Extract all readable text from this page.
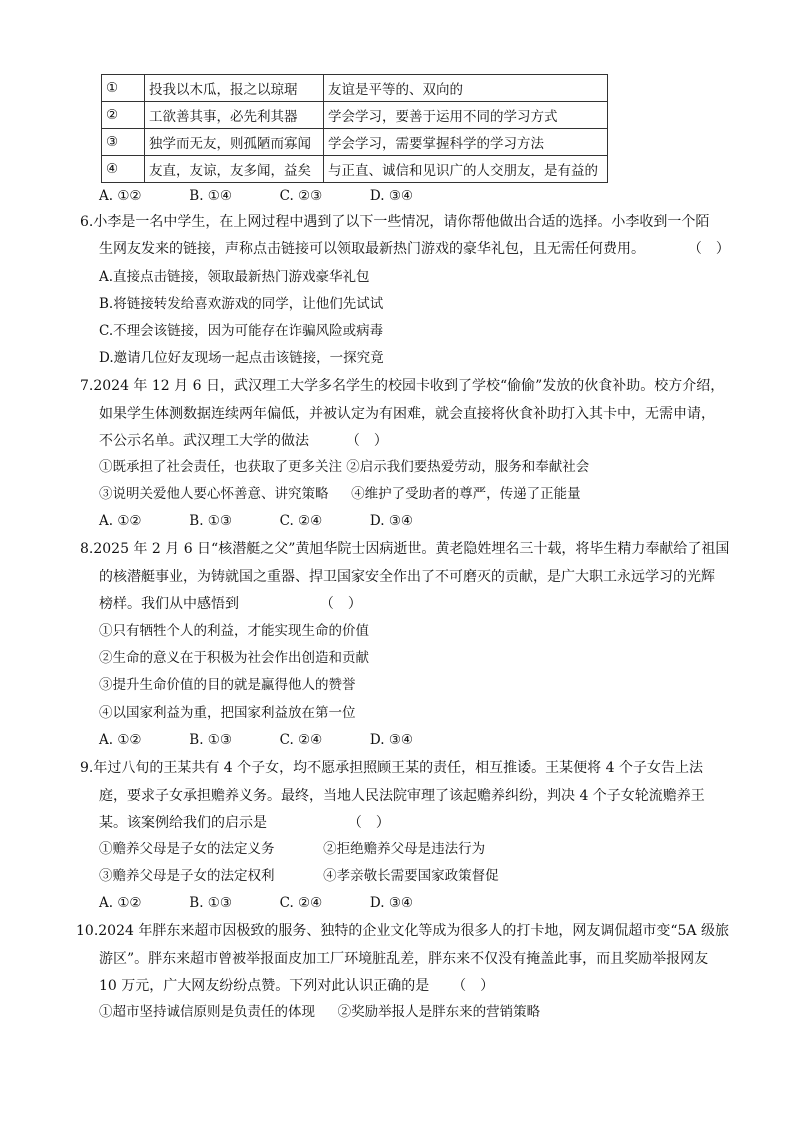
①	投我以木瓜，报之以琼琚	友谊是平等的、双向的
②	工欲善其事，必先利其器	学会学习，要善于运用不同的学习方式
③	独学而无友，则孤陋而寡闻	学会学习，需要掌握科学的学习方法
④	友直，友谅，友多闻，益矣	与正直、诚信和见识广的人交朋友，是有益的
A. ①②	B. ①④	C. ②③	D. ③④
6.小李是一名中学生，在上网过程中遇到了以下一些情况，请你帮他做出合适的选择。小李收到一个陌
生网友发来的链接，声称点击链接可以领取最新热门游戏的豪华礼包，且无需任何费用。	（　）
A.直接点击链接，领取最新热门游戏豪华礼包
B.将链接转发给喜欢游戏的同学，让他们先试试
C.不理会该链接，因为可能存在诈骗风险或病毒
D.邀请几位好友现场一起点击该链接，一探究竟
7.2024 年 12 月 6 日，武汉理工大学多名学生的校园卡收到了学校“偷偷”发放的伙食补助。校方介绍，
如果学生体测数据连续两年偏低，并被认定为有困难，就会直接将伙食补助打入其卡中，无需申请，
不公示名单。武汉理工大学的做法	（　）
①既承担了社会责任，也获取了更多关注 ②启示我们要热爱劳动，服务和奉献社会
③说明关爱他人要心怀善意、讲究策略 ④维护了受助者的尊严，传递了正能量
A. ①②	B. ①③	C. ②④	D. ③④
8.2025 年 2 月 6 日“核潜艇之父”黄旭华院士因病逝世。黄老隐姓埋名三十载，将毕生精力奉献给了祖国
的核潜艇事业，为铸就国之重器、捍卫国家安全作出了不可磨灭的贡献，是广大职工永远学习的光辉
榜样。我们从中感悟到	（　）
①只有牺牲个人的利益，才能实现生命的价值
②生命的意义在于积极为社会作出创造和贡献
③提升生命价值的目的就是赢得他人的赞誉
④以国家利益为重，把国家利益放在第一位
A. ①②	B. ①③	C. ②④	D. ③④
9.年过八旬的王某共有 4 个子女，均不愿承担照顾王某的责任，相互推诿。王某便将 4 个子女告上法
庭，要求子女承担赡养义务。最终，当地人民法院审理了该起赡养纠纷，判决 4 个子女轮流赡养王
某。该案例给我们的启示是	（　）
①赡养父母是子女的法定义务	②拒绝赡养父母是违法行为
③赡养父母是子女的法定权利	④孝亲敬长需要国家政策督促
A. ①②	B. ①③	C. ②④	D. ③④
10.2024 年胖东来超市因极致的服务、独特的企业文化等成为很多人的打卡地，网友调侃超市变“5A 级旅
游区”。胖东来超市曾被举报面皮加工厂环境脏乱差，胖东来不仅没有掩盖此事，而且奖励举报网友
10 万元，广大网友纷纷点赞。下列对此认识正确的是 （　）
①超市坚持诚信原则是负责任的体现 ②奖励举报人是胖东来的营销策略
